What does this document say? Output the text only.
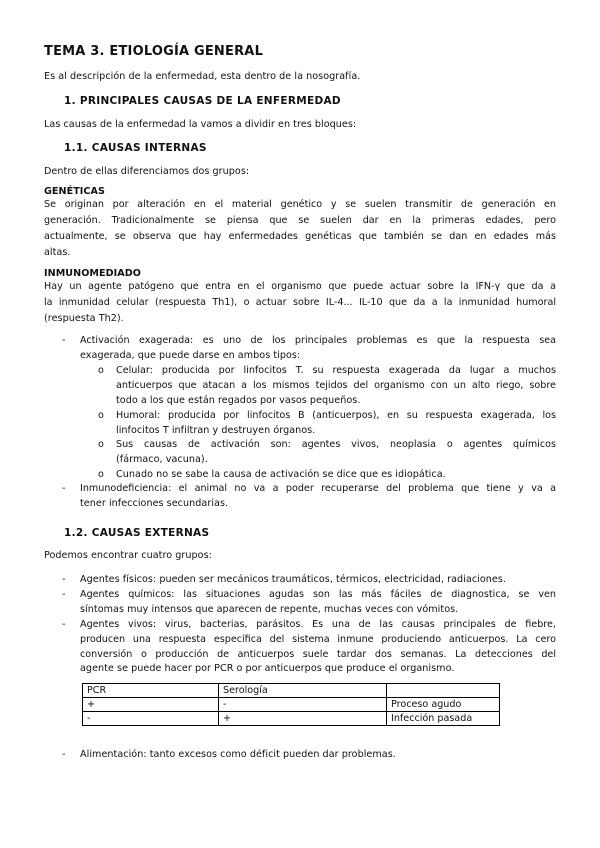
TEMA 3. ETIOLOGÍA GENERAL
Es al descripción de la enfermedad, esta dentro de la nosografía.
1. PRINCIPALES CAUSAS DE LA ENFERMEDAD
Las causas de la enfermedad la vamos a dividir en tres bloques:
1.1. CAUSAS INTERNAS
Dentro de ellas diferenciamos dos grupos:
GENÉTICAS
Se originan por alteración en el material genético y se suelen transmitir de generación en
generación. Tradicionalmente se piensa que se suelen dar en la primeras edades, pero
actualmente, se observa que hay enfermedades genéticas que también se dan en edades más
altas.
INMUNOMEDIADO
Hay un agente patógeno que entra en el organismo que puede actuar sobre la IFN-γ que da a
la inmunidad celular (respuesta Th1), o actuar sobre IL-4... IL-10 que da a la inmunidad humoral
(respuesta Th2).
- Activación exagerada: es uno de los principales problemas es que la respuesta sea
exagerada, que puede darse en ambos tipos:
o Celular: producida por linfocitos T. su respuesta exagerada da lugar a muchos
anticuerpos que atacan a los mismos tejidos del organismo con un alto riego, sobre
todo a los que están regados por vasos pequeños.
o Humoral: producida por linfocitos B (anticuerpos), en su respuesta exagerada, los
linfocitos T infiltran y destruyen órganos.
o Sus causas de activación son: agentes vivos, neoplasia o agentes químicos
(fármaco, vacuna).
o Cunado no se sabe la causa de activación se dice que es idiopática.
- Inmunodeficiencia: el animal no va a poder recuperarse del problema que tiene y va a
tener infecciones secundarias.
1.2. CAUSAS EXTERNAS
Podemos encontrar cuatro grupos:
- Agentes físicos: pueden ser mecánicos traumáticos, térmicos, electricidad, radiaciones.
- Agentes químicos: las situaciones agudas son las más fáciles de diagnostica, se ven
síntomas muy intensos que aparecen de repente, muchas veces con vómitos.
- Agentes vivos: virus, bacterias, parásitos. Es una de las causas principales de fiebre,
producen una respuesta específica del sistema inmune produciendo anticuerpos. La cero
conversión o producción de anticuerpos suele tardar dos semanas. La detecciones del
agente se puede hacer por PCR o por anticuerpos que produce el organismo.
PCR	Serología	
+	-	Proceso agudo
-	+	Infección pasada
- Alimentación: tanto excesos como déficit pueden dar problemas.
